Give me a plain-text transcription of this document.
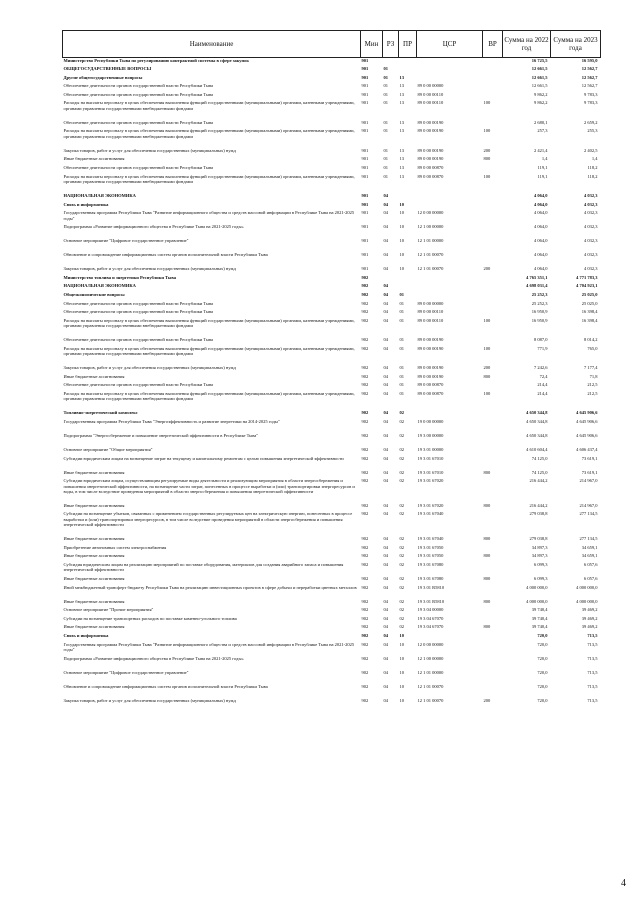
Наименование	Мин	РЗ	ПР	ЦСР	ВР	Сумма на 2022 год	Сумма на 2023 года
Министерство Республики Тыва по регулированию контрактной системы в сфере закупок	901					16 725,5	16 595,0
ОБЩЕГОСУДАРСТВЕННЫЕ ВОПРОСЫ	901	01				12 661,5	12 562,7
Другие общегосударственные вопросы	901	01	13			12 661,5	12 562,7
Обеспечение деятельности органов государственной власти Республики Тыва	901	01	13	89 0 00 00000		12 661,5	12 562,7
Обеспечение деятельности органов государственной власти Республики Тыва	901	01	13	89 0 00 00110		9 862,2	9 783,3
Расходы на выплаты персоналу в целях обеспечения выполнения функций государственными (муниципальными) органами, казенными учреждениями, органами управления государственными внебюджетными фондами	901	01	13	89 0 00 00110	100	9 862,2	9 783,3
Обеспечение деятельности органов государственной власти Республики Тыва	901	01	13	89 0 00 00190		2 680,1	2 659,2
Расходы на выплаты персоналу в целях обеспечения выполнения функций государственными (муниципальными) органами, казенными учреждениями, органами управления государственными внебюджетными фондами	901	01	13	89 0 00 00190	100	257,3	255,3
Закупка товаров, работ и услуг для обеспечения государственных (муниципальных) нужд	901	01	13	89 0 00 00190	200	2 421,4	2 402,5
Иные бюджетные ассигнования	901	01	13	89 0 00 00190	800	1,4	1,4
Обеспечение деятельности органов государственной власти Республики Тыва	901	01	13	89 0 00 00870		119,1	118,2
Расходы на выплаты персоналу в целях обеспечения выполнения функций государственными (муниципальными) органами, казенными учреждениями, органами управления государственными внебюджетными фондами	901	01	13	89 0 00 00870	100	119,1	118,2
НАЦИОНАЛЬНАЯ ЭКОНОМИКА	901	04				4 064,0	4 032,3
Связь и информатика	901	04	10			4 064,0	4 032,3
Государственная программа Республики Тыва "Развитие информационного общества и средств массовой информации в Республике Тыва на 2021-2025 годы"	901	04	10	12 0 00 00000		4 064,0	4 032,3
Подпрограмма «Развитие информационного общества в Республике Тыва на 2021-2025 годы»	901	04	10	12 1 00 00000		4 064,0	4 032,3
Основное мероприятие "Цифровое государственное управление"	901	04	10	12 1 01 00000		4 064,0	4 032,3
Обновление и сопровождение информационных систем органов исполнительной власти Республики Тыва	901	04	10	12 1 01 00070		4 064,0	4 032,3
Закупка товаров, работ и услуг для обеспечения государственных (муниципальных) нужд	901	04	10	12 1 01 00070	200	4 064,0	4 032,3
Министерство топлива и энергетики Республики Тыва	902					4 765 351,1	4 771 783,3
НАЦИОНАЛЬНАЯ ЭКОНОМИКА	902	04				4 698 031,4	4 704 923,1
Общеэкономические вопросы	902	04	01			25 252,3	25 025,0
Обеспечение деятельности органов государственной власти Республики Тыва	902	04	01	89 0 00 00000		25 252,3	25 025,0
Обеспечение деятельности органов государственной власти Республики Тыва	902	04	01	89 0 00 00110		16 950,9	16 398,4
Расходы на выплаты персоналу в целях обеспечения выполнения функций государственными (муниципальными) органами, казенными учреждениями, органами управления государственными внебюджетными фондами	902	04	01	89 0 00 00110	100	16 950,9	16 398,4
Обеспечение деятельности органов государственной власти Республики Тыва	902	04	01	89 0 00 00190		8 087,0	8 014,2
Расходы на выплаты персоналу в целях обеспечения выполнения функций государственными (муниципальными) органами, казенными учреждениями, органами управления государственными внебюджетными фондами	902	04	01	89 0 00 00190	100	771,9	765,0
Закупка товаров, работ и услуг для обеспечения государственных (муниципальных) нужд	902	04	01	89 0 00 00190	200	7 242,6	7 177,4
Иные бюджетные ассигнования	902	04	01	89 0 00 00190	800	72,4	71,8
Обеспечение деятельности органов государственной власти Республики Тыва	902	04	01	89 0 00 00870		214,4	212,5
Расходы на выплаты персоналу в целях обеспечения выполнения функций государственными (муниципальными) органами, казенными учреждениями, органами управления государственными внебюджетными фондами	902	04	01	89 0 00 00870	100	214,4	212,5
Топливно-энергетический комплекс	902	04	02			4 650 344,8	4 645 906,6
Государственная программа Республики Тыва "Энергоэффективность и развитие энергетики на 2014-2025 годы"	902	04	02	19 0 00 00000		4 650 344,8	4 645 906,6
Подпрограмма "Энергосбережение и повышение энергетической эффективности в Республике Тыва"	902	04	02	19 3 00 00000		4 650 344,8	4 645 906,6
Основное мероприятие "Общие мероприятия"	902	04	02	19 3 01 00000		4 610 604,4	4 606 437,4
Субсидии юридическим лицам на возмещение затрат на текущему и капитальному ремонтам с целью повышения энергетической эффективности	902	04	02	19 3 01 67010		74 125,0	73 619,1
Иные бюджетные ассигнования	902	04	02	19 3 01 67010	800	74 125,0	73 619,1
Субсидии юридическим лицам, осуществляющим регулируемые виды деятельности и реализующим мероприятия в области энергосбережения и повышения энергетической эффективности, на возмещение части затрат, понесенных в процессе выработки и (или) транспортировки энергоресурсов и воды, в том числе вследствие проведения мероприятий в области энергосбережения и повышения энергетической эффективности	902	04	02	19 3 01 67020		216 444,2	214 967,0
Иные бюджетные ассигнования	902	04	02	19 3 01 67020	800	216 444,2	214 967,0
Субсидии на возмещение убытков, связанных с применением государственных регулируемых цен на электрическую энергию, понесенных в процессе выработки и (или) транспортировки энергоресурсов, в том числе вследствие проведения мероприятий в области энергосбережения и повышения энергетической эффективности	902	04	02	19 3 01 67040		279 038,8	277 134,5
Иные бюджетные ассигнования	902	04	02	19 3 01 67040	800	279 038,8	277 134,5
Приобретение автономных систем электроснабжения	902	04	02	19 3 01 67050		34 897,3	34 659,1
Иные бюджетные ассигнования	902	04	02	19 3 01 67050	800	34 897,3	34 659,1
Субсидия юридическим лицам на реализацию мероприятий по поставке оборудования, материалов для создания аварийного запаса и повышения энергетической эффективности	902	04	02	19 3 01 67080		6 099,3	6 057,6
Иные бюджетные ассигнования	902	04	02	19 3 01 67080	800	6 099,3	6 057,6
Иной межбюджетный трансферт бюджету Республики Тыва на реализацию инвестиционных проектов в сфере добычи и переработки цветных металлов	902	04	02	19 3 01 R5810		4 000 000,0	4 000 000,0
Иные бюджетные ассигнования	902	04	02	19 3 01 R5810	800	4 000 000,0	4 000 000,0
Основное мероприятие "Прочие мероприятия"	902	04	02	19 3 04 00000		39 740,4	39 469,2
Субсидии на возмещение транспортных расходов по поставке каменно-угольного топлива	902	04	02	19 3 04 67070		39 740,4	39 469,2
Иные бюджетные ассигнования	902	04	02	19 3 04 67070	800	39 740,4	39 469,2
Связь и информатика	902	04	10			720,0	713,5
Государственная программа Республики Тыва "Развитие информационного общества и средств массовой информации в Республике Тыва на 2021-2025 годы"	902	04	10	12 0 00 00000		720,0	713,5
Подпрограмма «Развитие информационного общества в Республике Тыва на 2021-2025 годы»	902	04	10	12 1 00 00000		720,0	713,5
Основное мероприятие "Цифровое государственное управление"	902	04	10	12 1 01 00000		720,0	713,5
Обновление и сопровождение информационных систем органов исполнительной власти Республики Тыва	902	04	10	12 1 01 00070		720,0	713,5
Закупка товаров, работ и услуг для обеспечения государственных (муниципальных) нужд	902	04	10	12 1 01 00070	200	720,0	713,5
4
